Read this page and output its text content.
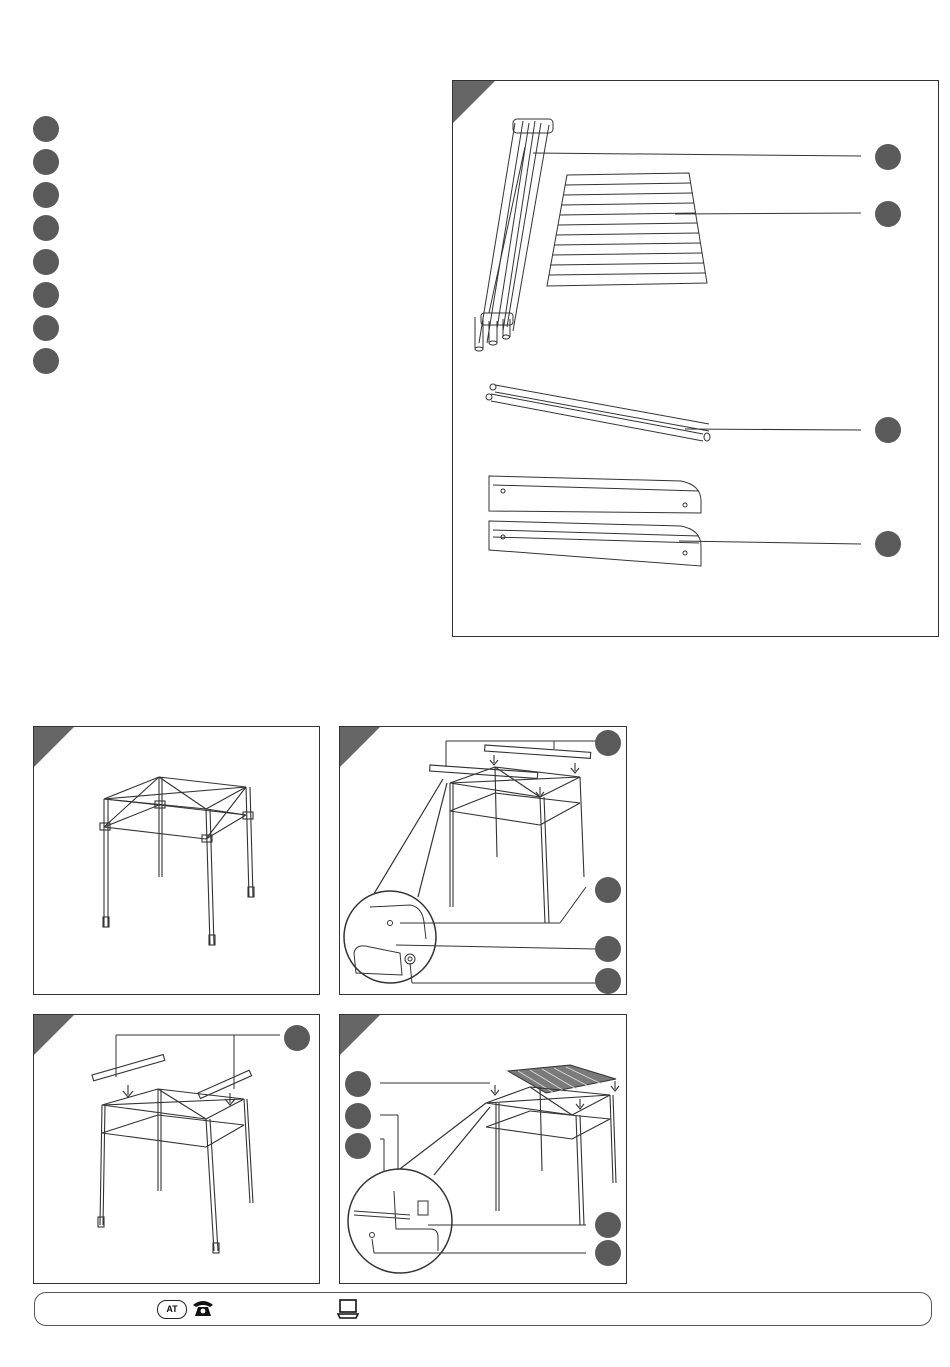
AT
